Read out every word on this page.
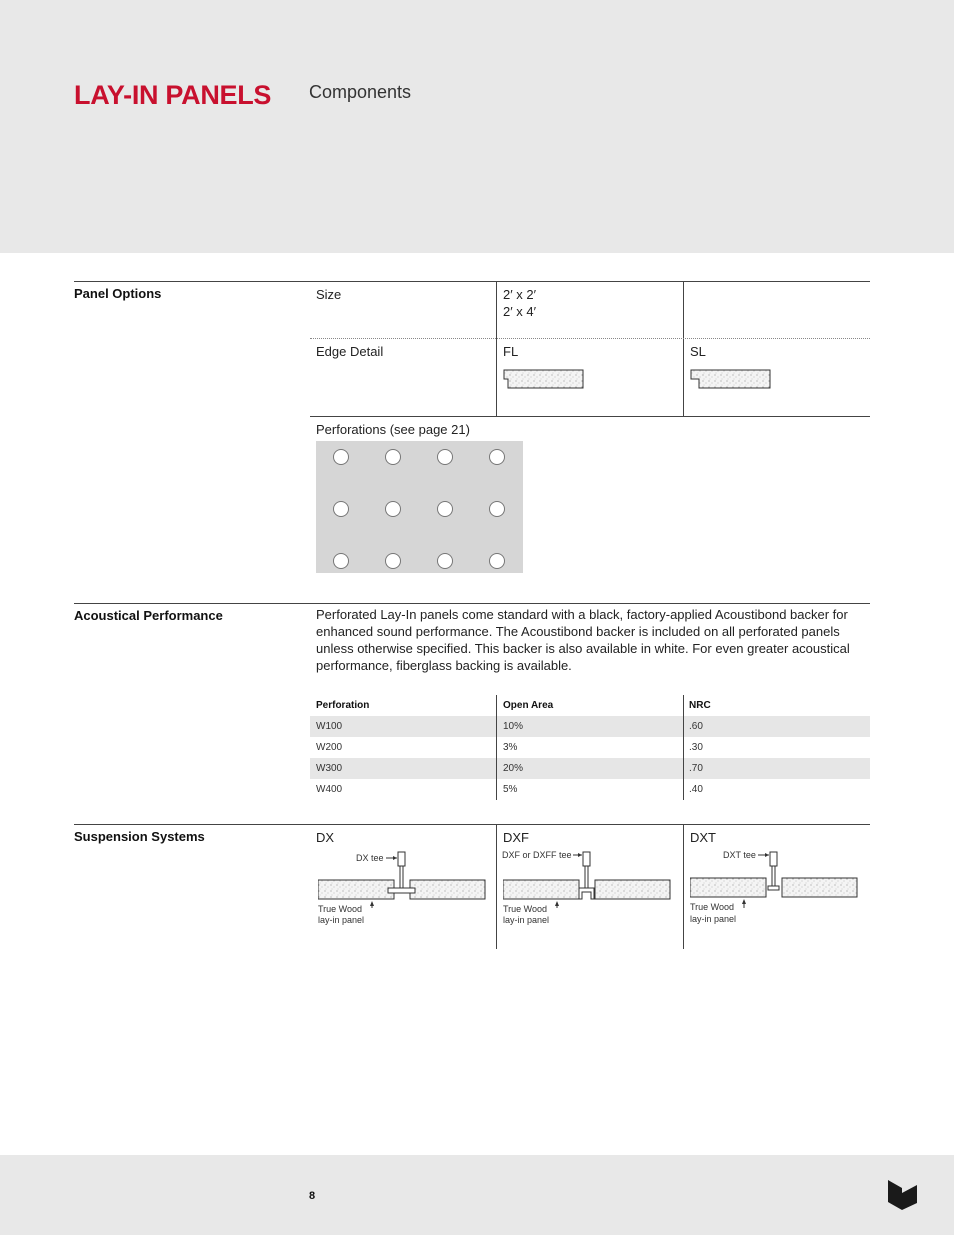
LAY-IN PANELS Components
Panel Options	Size	2′ x 2′
2′ x 4′
Edge Detail	FL	SL
Perforations (see page 21)
Acoustical Performance	Perforated Lay-In panels come standard with a black, factory-applied Acoustibond backer for enhanced sound performance. The Acoustibond backer is included on all perforated panels unless otherwise specified. This backer is also available in white. For even greater acoustical performance, fiberglass backing is available.
Perforation	Open Area	NRC
W100	10%	.60
W200	3%	.30
W300	20%	.70
W400	5%	.40
Suspension Systems	DX	DXF	DXT
DX tee
True Wood
lay-in panel
DXF or DXFF tee
True Wood
lay-in panel
DXT tee
True Wood
lay-in panel
8
